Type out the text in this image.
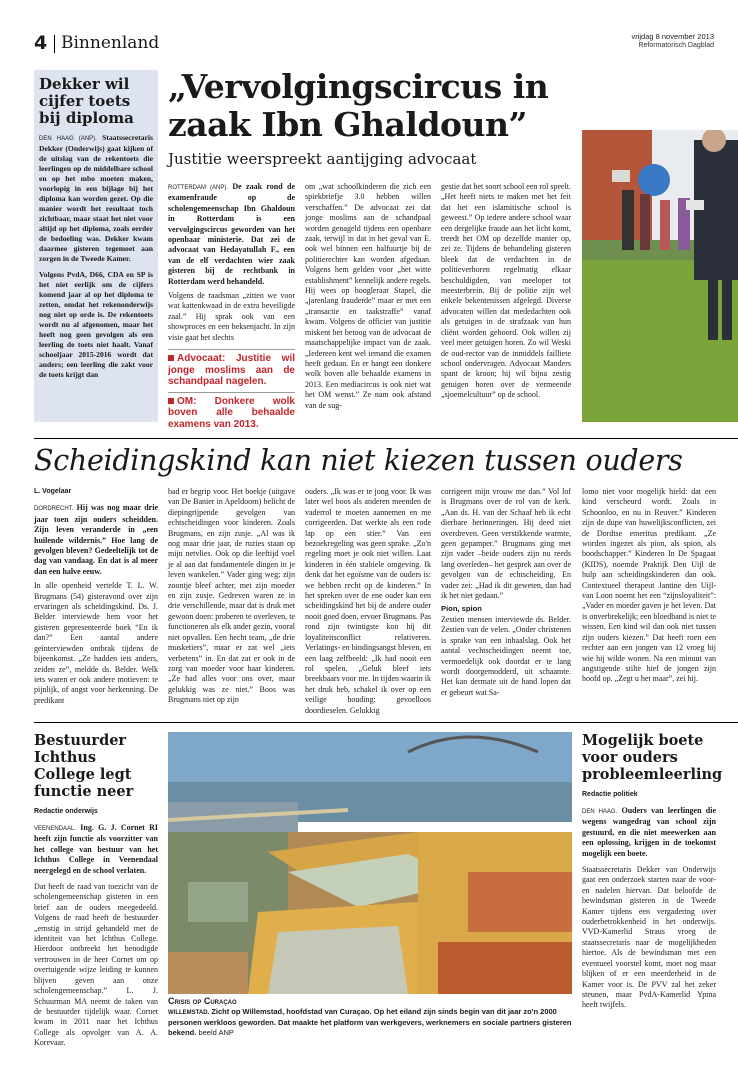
4 Binnenland	vrijdag 8 november 2013
Reformatorisch Dagblad
Dekker wil cijfer toets bij diploma
DEN HAAG (ANP). Staatssecretaris Dekker (Onderwijs) gaat kijken of de uitslag van de rekentoets die leerlingen op de middelbare school en op het mbo moeten maken, voorlopig in een bijlage bij het diploma kan worden gezet. Op die manier wordt het resultaat toch zichtbaar, maar staat het niet voor altijd op het diploma, zoals eerder de bedoeling was. Dekker kwam daarmee gisteren tegemoet aan zorgen in de Tweede Kamer.

Volgens PvdA, D66, CDA en SP is het niet eerlijk om de cijfers komend jaar al op het diploma te zetten, omdat het rekenonderwijs nog niet op orde is. De rekentoets wordt nu al afgenomen, maar het heeft nog geen gevolgen als een leerling de toets niet haalt. Vanaf schooljaar 2015-2016 wordt dat anders; een leerling die zakt voor de toets krijgt dan

„Vervolgingscircus in zaak Ibn Ghaldoun”
Justitie weerspreekt aantijging advocaat

ROTTERDAM (ANP). De zaak rond de examenfraude op de scholengemeenschap Ibn Ghaldoun in Rotterdam is een vervolgingscircus geworden van het openbaar ministerie. Dat zei de advocaat van Hedayatullah F., een van de elf verdachten wier zaak gisteren bij de rechtbank in Rotterdam werd behandeld.

Volgens de raadsman „zitten we voor wat kattenkwaad in de extra beveiligde zaal.” Hij sprak ook van een showproces en een heksenjacht. In zijn visie gaat het slechts

Advocaat: Justitie wil jonge moslims aan de schandpaal nagelen.
OM: Donkere wolk boven alle behaalde examens van 2013.
om „wat schoolkinderen die zich een spiekbriefje 3.0 hebben willen verschaffen.” De advocaat zei dat jonge moslims aan de schandpaal worden genageld tijdens een openbare zaak, terwijl in dat in het geval van E. ook wel binnen een halfuurtje bij de politierechter kan worden afgedaan. Volgens hem gelden voor „het witte establishment” kennelijk andere regels. Hij wees op hoogleraar Stapel, die „jarenlang frauderde” maar er met een „transactie en taakstraffe” vanaf kwam. Volgens de officier van justitie miskent het betoog van de advocaat de maatschappelijke impact van de zaak. „Iedereen kent wel iemand die examen heeft gedaan. En er hangt een donkere wolk boven alle behaalde examens in 2013. Een mediacircus is ook niet wat het OM wenst.” Ze nam ook afstand van de sug-
gestie dat het soort school een rol speelt. „Het heeft niets te maken met het feit dat het een islamitische school is geweest.” Op iedere andere school waar een dergelijke fraude aan het licht komt, treedt het OM op dezelfde manier op, zei ze. Tijdens de behandeling gisteren bleek dat de verdachten in de politieverhoren regelmatig elkaar beschuldigden, van meeloper tot meesterbrein. Bij de politie zijn wel enkele bekentenissen afgelegd. Diverse advocaten willen dat mededachten ook als getuigen in de strafzaak van hun cliënt worden gehoord. Ook willen zij veel meer getuigen horen. Zo wil Weski de oud-rector van de inmiddels failliete school ondervragen. Advocaat Manders spant de kroon; hij wil bijna zestig getuigen horen over de vermeende „sjoemelcultuur” op de school.
Scheidingskind kan niet kiezen tussen ouders

L. Vogelaar

DORDRECHT. Hij was nog maar drie jaar toen zijn ouders scheidden. Zijn leven veranderde in „een huilende wildernis.” Hoe lang de gevolgen bleven? Gedeeltelijk tot de dag van vandaag. En dat is al meer dan een halve eeuw.

In alle openheid vertelde T. L. W. Brugmans (54) gisteravond over zijn ervaringen als scheidingskind. Ds. J. Belder interviewde hem voor het gisteren gepresenteerde boek “En ik dan?” Een aantal andere geïnterviewden ontbrak tijdens de bijeenkomst. „Ze hadden iets anders, zeiden ze”, meldde ds. Belder. Welk iets waren er ook andere motieven: te pijnlijk, of angst voor herkenning. De predikant

bad er begrip voor. Het boekje (uitgave van De Banier in Apeldoorn) belicht de diepingrijpende gevolgen van echtscheidingen voor kinderen. Zoals Brugmans, en zijn zusje. „Al was ik nog maar drie jaar, de ruzies staan op mijn netvlies. Ook op die leeftijd voel je al aan dat fundamentele dingen in je leven wankelen.” Vader ging weg; zijn zoontje bleef achter, met zijn moeder en zijn zusje. Gedreven waren ze in drie verschillende, maar dat is druk met gewoon doen: proberen te overleven, te functioneren als elk ander gezin, vooral niet opvallen. Een hecht team, „de drie musketiers”, maar er zat wel „iets verbetens” in. En dat zat er ook in de zorg van moeder voor haar kinderen. „Ze had alles voor ons over, maar gelukkig was ze niet.” Boos was Brugmans niet op zijn
ouders. „Ik was er te jong voor. Ik was later wel boos als anderen meenden de vaderrol te moeten aannemen en me corrigeerden. Dat werkte als een rode lap op een stier.” Van een bezoekregeling was geen sprake. „Zo'n regeling moet je ook niet willen. Laat kinderen in één stabiele omgeving. Ik denk dat het egoïsme van de ouders is: we hebben recht op de kinderen.” In het spreken over de ene ouder kan een scheidingskind het bij de andere ouder nooit goed doen, ervoer Brugmans. Pas rond zijn twintigste kon hij dit loyaliteitsconflict relativeren. Verlatings- en bindingsangst bleven, en een laag zelfbeeld: „Ik had nooit een rol spelen. „Geluk bleef iets breekbaars voor me. In tijden waarin ik het druk heb, schakel ik over op een veilige houding: gevoelloos doordieselen. Gelukkig

corrigeert mijn vrouw me dan.” Vol lof is Brugmans over de rol van de kerk. „Aan ds. H. van der Schaaf heb ik echt dierbare herinneringen. Hij deed niet overdreven. Geen verstikkende warmte, geen gepamper.” Brugmans ging met zijn vader –beide ouders zijn nu reeds lang overleden– het gesprek aan over de gevolgen van de echtscheiding. En vader zei: „Had ik dit geweten, dan had ik het niet gedaan.”

Pion, spion

Zestien mensen interviewde ds. Belder. Zestien van de velen. „Onder christenen is sprake van een inhaalslag. Ook het aantal vechtscheidingen neemt toe, vermoedelijk ook doordat er te lang wordt doorgemodderd, uit schaamte. Het kan dermate uit de hand lopen dat er gebeurt wat Sa-

lomo niet voor mogelijk hield: dat een kind verscheurd wordt. Zoals in Schoonloo, en nu in Reuver.” Kinderen zijn de dupe van huwelijksconflicten, zei de Dordtse emeritus predikant. „Ze worden ingezet als pion, als spion, als boodschapper.” Kinderen In De Spagaat (KIDS), noemde Praktijk Den Uijl de hulp aan scheidingskinderen dan ook. Contextueel therapeut Jantine den Uijl-van Loon noemt het een “zijnsloyaliteit”: „Vader en moeder gaven je het leven. Dat is onverbrekelijk; een bloedband is niet te wissen. Een kind wil dan ook niet tussen zijn ouders kiezen.” Dat heeft roen een rechter aan een jongen van 12 vroeg bij wie hij wilde wonen. Na een minuut van angstigende stilte hief de jongen zijn hoofd op. „Zegt u het maar”, zei hij.
Bestuurder Ichthus College legt functie neer
Redactie onderwijs

VEENENDAAL. Ing. G. J. Cornet RI heeft zijn functie als voorzitter van het college van bestuur van het Ichthus College in Veenendaal neergelegd en de school verlaten.

Dat heeft de raad van toezicht van de scholengemeenschap gisteren in een brief aan de ouders meegedeeld. Volgens de raad heeft de bestuurder „ernstig in strijd gehandeld met de identiteit van het Ichthus College. Hierdoor ontbreekt het benodigde vertrouwen in de heer Cornet om op overtuigende wijze leiding te kunnen blijven geven aan onze scholengemeenschap.” L. J. Schuurman MA neemt de taken van de bestuurder tijdelijk waar. Cornet kwam in 2011 naar het Ichthus College als opvolger van A. A. Korevaar.

Crisis op Curaçao
WILLEMSTAD. Zicht op Willemstad, hoofdstad van Curaçao. Op het eiland zijn sinds begin van dit jaar zo'n 2000 personen werkloos geworden. Dat maakte het platform van werkgevers, werknemers en sociale partners gisteren bekend. beeld ANP
Mogelijk boete voor ouders probleemleerling
Redactie politiek

DEN HAAG. Ouders van leerlingen die wegens wangedrag van school zijn gestuurd, en die niet meewerken aan een oplossing, krijgen in de toekomst mogelijk een boete.

Staatssecretaris Dekker van Onderwijs gaat een onderzoek starten naar de voor- en nadelen hiervan. Dat beloofde de bewindsman gisteren in de Tweede Kamer tijdens een vergadering over ouderbetrokkenheid in het onderwijs. VVD-Kamerlid Straus vroeg de staatssecretaris naar de mogelijkheden hiertoe. Als de bewindsman met een eventueel voorstel komt, moet nog maar blijken of er een meerderheid in de Kamer voor is. De PVV zal het zeker steunen, maar PvdA-Kamerlid Ypma heeft twijfels.
